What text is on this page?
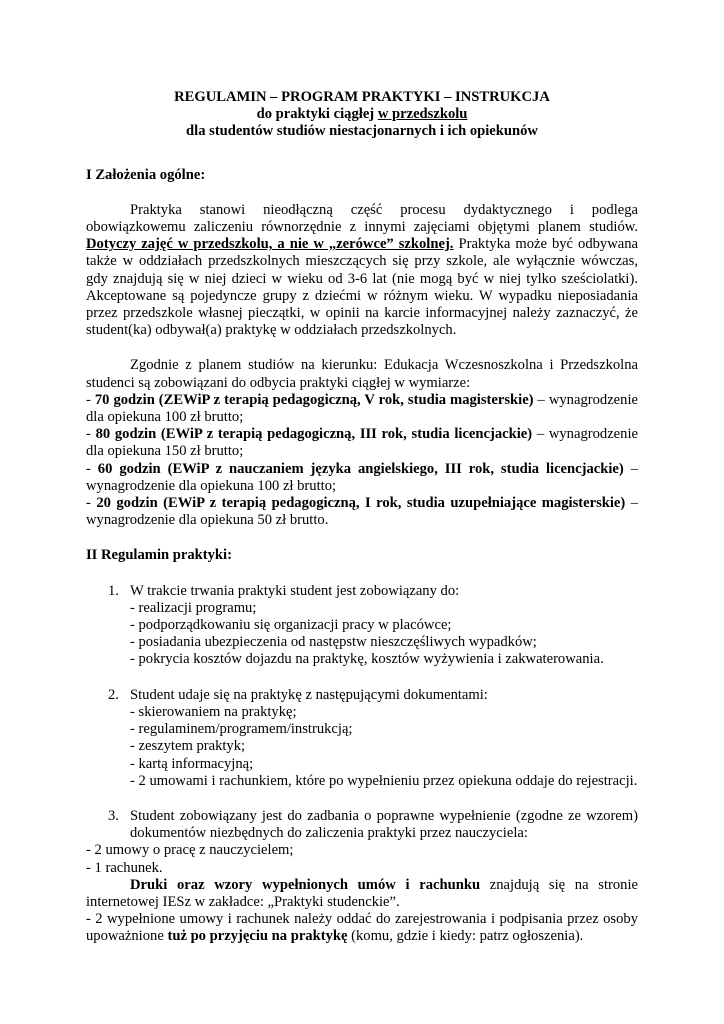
REGULAMIN – PROGRAM PRAKTYKI – INSTRUKCJA
do praktyki ciągłej w przedszkolu
dla studentów studiów niestacjonarnych i ich opiekunów
I Założenia ogólne:

Praktyka stanowi nieodłączną część procesu dydaktycznego i podlega obowiązkowemu zaliczeniu równorzędnie z innymi zajęciami objętymi planem studiów. Dotyczy zajęć w przedszkolu, a nie w „zerówce” szkolnej. Praktyka może być odbywana także w oddziałach przedszkolnych mieszczących się przy szkole, ale wyłącznie wówczas, gdy znajdują się w niej dzieci w wieku od 3-6 lat (nie mogą być w niej tylko sześciolatki). Akceptowane są pojedyncze grupy z dziećmi w różnym wieku. W wypadku nieposiadania przez przedszkole własnej pieczątki, w opinii na karcie informacyjnej należy zaznaczyć, że student(ka) odbywał(a) praktykę w oddziałach przedszkolnych.

Zgodnie z planem studiów na kierunku: Edukacja Wczesnoszkolna i Przedszkolna studenci są zobowiązani do odbycia praktyki ciągłej w wymiarze:

- 70 godzin (ZEWiP z terapią pedagogiczną, V rok, studia magisterskie) – wynagrodzenie dla opiekuna 100 zł brutto;

- 80 godzin (EWiP z terapią pedagogiczną, III rok, studia licencjackie) – wynagrodzenie dla opiekuna 150 zł brutto;

- 60 godzin (EWiP z nauczaniem języka angielskiego, III rok, studia licencjackie) – wynagrodzenie dla opiekuna 100 zł brutto;

- 20 godzin (EWiP z terapią pedagogiczną, I rok, studia uzupełniające magisterskie) – wynagrodzenie dla opiekuna 50 zł brutto.

II Regulamin praktyki:
1. W trakcie trwania praktyki student jest zobowiązany do:
- realizacji programu;
- podporządkowaniu się organizacji pracy w placówce;
- posiadania ubezpieczenia od następstw nieszczęśliwych wypadków;
- pokrycia kosztów dojazdu na praktykę, kosztów wyżywienia i zakwaterowania.
2. Student udaje się na praktykę z następującymi dokumentami:
- skierowaniem na praktykę;
- regulaminem/programem/instrukcją;
- zeszytem praktyk;
- kartą informacyjną;
- 2 umowami i rachunkiem, które po wypełnieniu przez opiekuna oddaje do rejestracji.
3. Student zobowiązany jest do zadbania o poprawne wypełnienie (zgodne ze wzorem) dokumentów niezbędnych do zaliczenia praktyki przez nauczyciela:

- 2 umowy o pracę z nauczycielem;

- 1 rachunek.

Druki oraz wzory wypełnionych umów i rachunku znajdują się na stronie internetowej IESz w zakładce: „Praktyki studenckie”.

- 2 wypełnione umowy i rachunek należy oddać do zarejestrowania i podpisania przez osoby upoważnione tuż po przyjęciu na praktykę (komu, gdzie i kiedy: patrz ogłoszenia).
